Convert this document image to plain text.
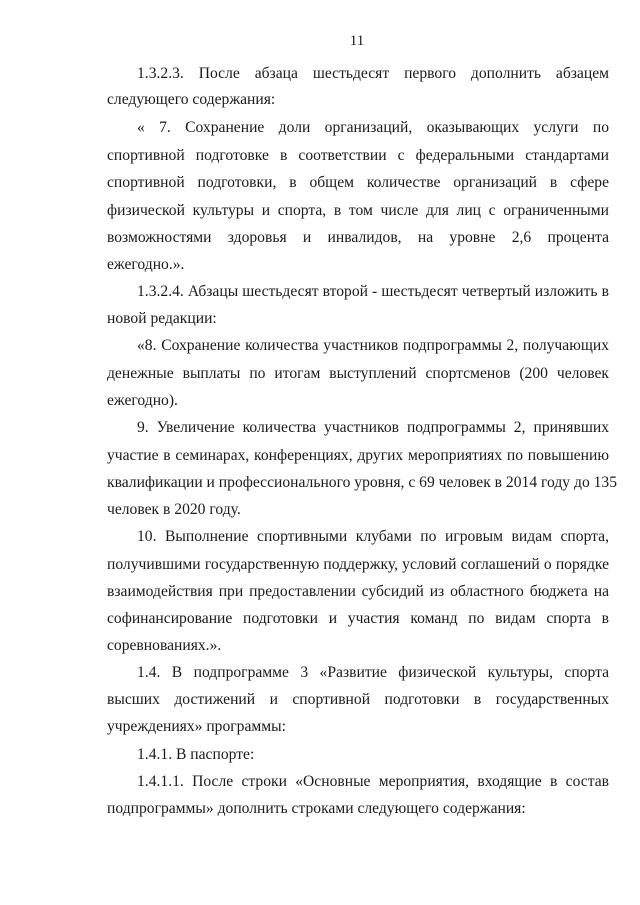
11
1.3.2.3. После абзаца шестьдесят первого дополнить абзацем
следующего содержания:
« 7. Сохранение доли организаций, оказывающих услуги по
спортивной подготовке в соответствии с федеральными стандартами
спортивной подготовки, в общем количестве организаций в сфере
физической культуры и спорта, в том числе для лиц с ограниченными
возможностями здоровья и инвалидов, на уровне 2,6 процента
ежегодно.».
1.3.2.4. Абзацы шестьдесят второй - шестьдесят четвертый изложить в
новой редакции:
«8. Сохранение количества участников подпрограммы 2, получающих
денежные выплаты по итогам выступлений спортсменов (200 человек
ежегодно).
9. Увеличение количества участников подпрограммы 2, принявших
участие в семинарах, конференциях, других мероприятиях по повышению
квалификации и профессионального уровня, с 69 человек в 2014 году до 135
человек в 2020 году.
10. Выполнение спортивными клубами по игровым видам спорта,
получившими государственную поддержку, условий соглашений о порядке
взаимодействия при предоставлении субсидий из областного бюджета на
софинансирование подготовки и участия команд по видам спорта в
соревнованиях.».
1.4. В подпрограмме 3 «Развитие физической культуры, спорта
высших достижений и спортивной подготовки в государственных
учреждениях» программы:
1.4.1. В паспорте:
1.4.1.1. После строки «Основные мероприятия, входящие в состав
подпрограммы» дополнить строками следующего содержания:
